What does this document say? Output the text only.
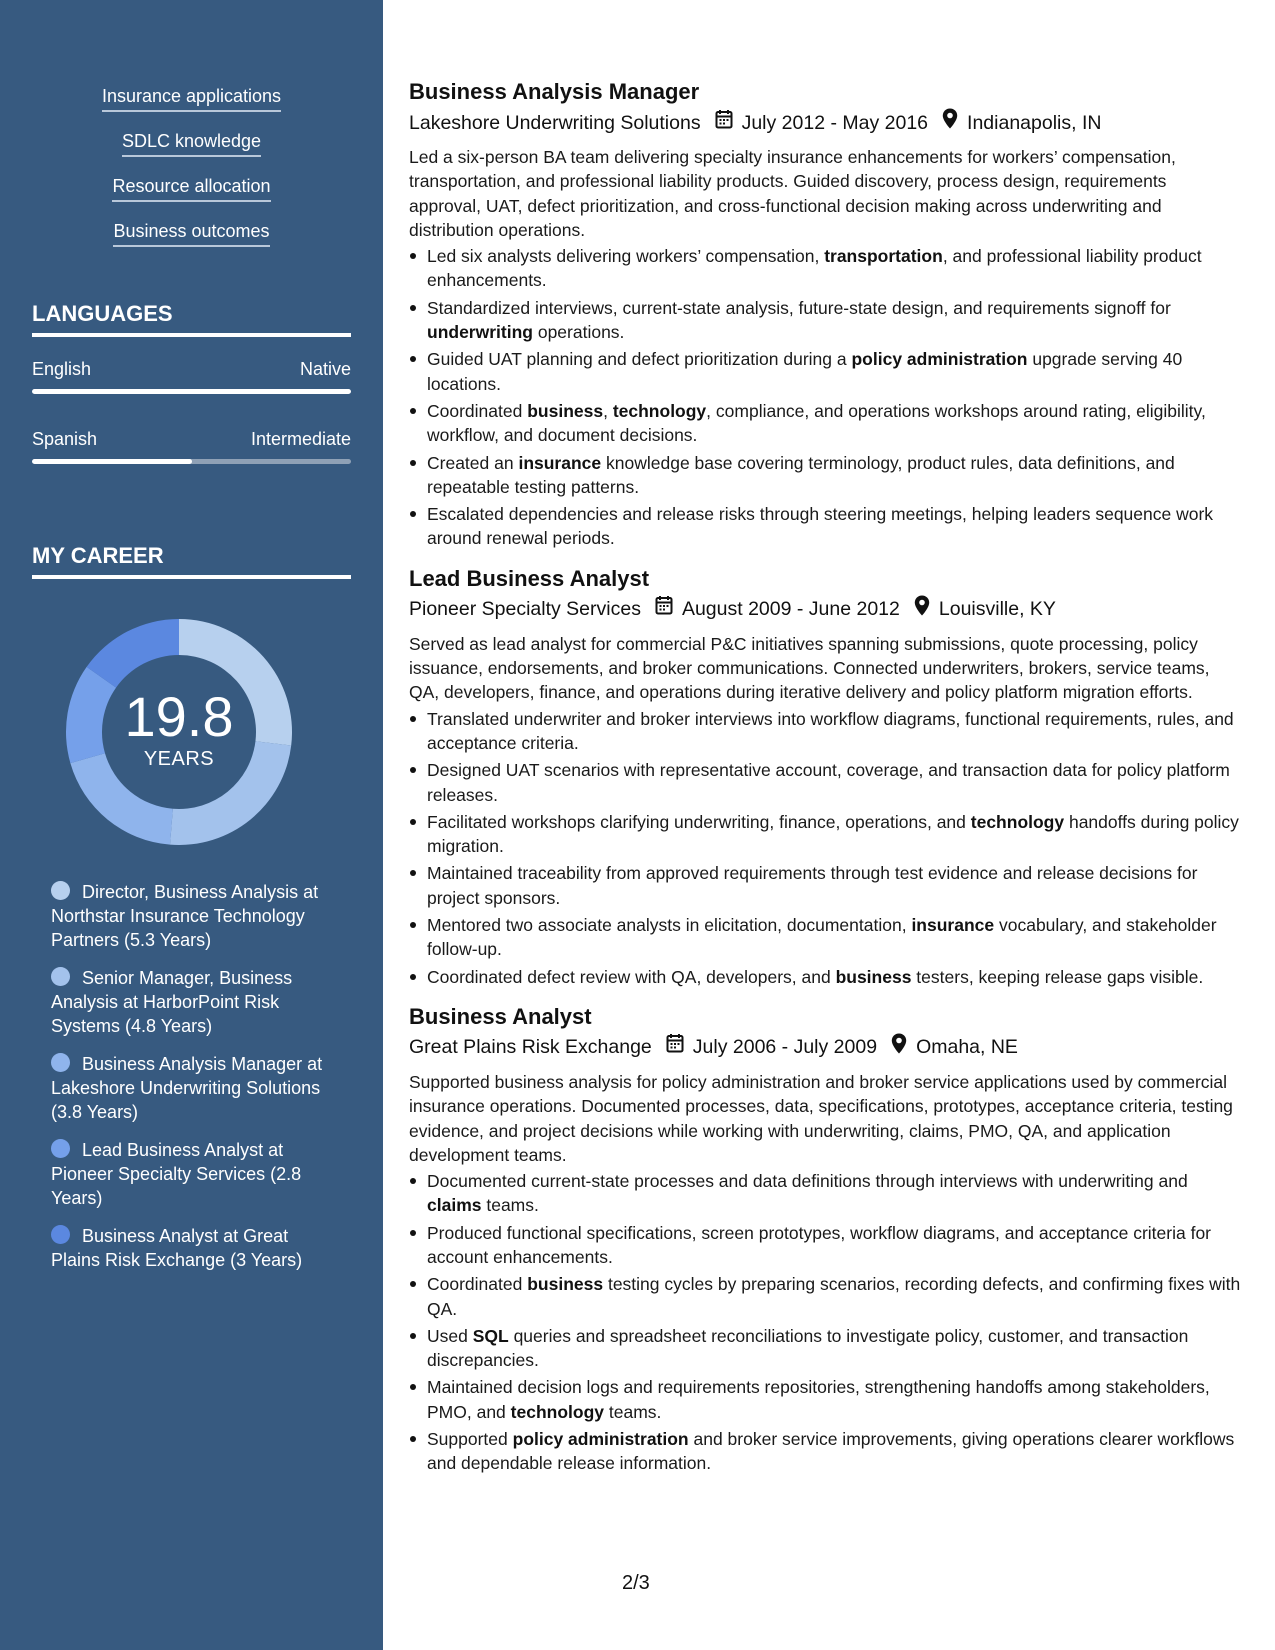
Insurance applications
SDLC knowledge
Resource allocation
Business outcomes
LANGUAGES
English	Native
Spanish	Intermediate
MY CAREER
19.8
YEARS
Director, Business Analysis at Northstar Insurance Technology Partners (5.3 Years)
Senior Manager, Business Analysis at HarborPoint Risk Systems (4.8 Years)
Business Analysis Manager at Lakeshore Underwriting Solutions (3.8 Years)
Lead Business Analyst at Pioneer Specialty Services (2.8 Years)
Business Analyst at Great Plains Risk Exchange (3 Years)
Business Analysis Manager
Lakeshore Underwriting Solutions July 2012 - May 2016 Indianapolis, IN

Led a six-person BA team delivering specialty insurance enhancements for workers’ compensation, transportation, and professional liability products. Guided discovery, process design, requirements approval, UAT, defect prioritization, and cross-functional decision making across underwriting and distribution operations.

Led six analysts delivering workers’ compensation, transportation, and professional liability product enhancements.
Standardized interviews, current-state analysis, future-state design, and requirements signoff for underwriting operations.
Guided UAT planning and defect prioritization during a policy administration upgrade serving 40 locations.
Coordinated business, technology, compliance, and operations workshops around rating, eligibility, workflow, and document decisions.
Created an insurance knowledge base covering terminology, product rules, data definitions, and repeatable testing patterns.
Escalated dependencies and release risks through steering meetings, helping leaders sequence work around renewal periods.
Lead Business Analyst
Pioneer Specialty Services August 2009 - June 2012 Louisville, KY

Served as lead analyst for commercial P&C initiatives spanning submissions, quote processing, policy issuance, endorsements, and broker communications. Connected underwriters, brokers, service teams, QA, developers, finance, and operations during iterative delivery and policy platform migration efforts.

Translated underwriter and broker interviews into workflow diagrams, functional requirements, rules, and acceptance criteria.
Designed UAT scenarios with representative account, coverage, and transaction data for policy platform releases.
Facilitated workshops clarifying underwriting, finance, operations, and technology handoffs during policy migration.
Maintained traceability from approved requirements through test evidence and release decisions for project sponsors.
Mentored two associate analysts in elicitation, documentation, insurance vocabulary, and stakeholder follow-up.
Coordinated defect review with QA, developers, and business testers, keeping release gaps visible.
Business Analyst
Great Plains Risk Exchange July 2006 - July 2009 Omaha, NE

Supported business analysis for policy administration and broker service applications used by commercial insurance operations. Documented processes, data, specifications, prototypes, acceptance criteria, testing evidence, and project decisions while working with underwriting, claims, PMO, QA, and application development teams.

Documented current-state processes and data definitions through interviews with underwriting and claims teams.
Produced functional specifications, screen prototypes, workflow diagrams, and acceptance criteria for account enhancements.
Coordinated business testing cycles by preparing scenarios, recording defects, and confirming fixes with QA.
Used SQL queries and spreadsheet reconciliations to investigate policy, customer, and transaction discrepancies.
Maintained decision logs and requirements repositories, strengthening handoffs among stakeholders, PMO, and technology teams.
Supported policy administration and broker service improvements, giving operations clearer workflows and dependable release information.
2/3
